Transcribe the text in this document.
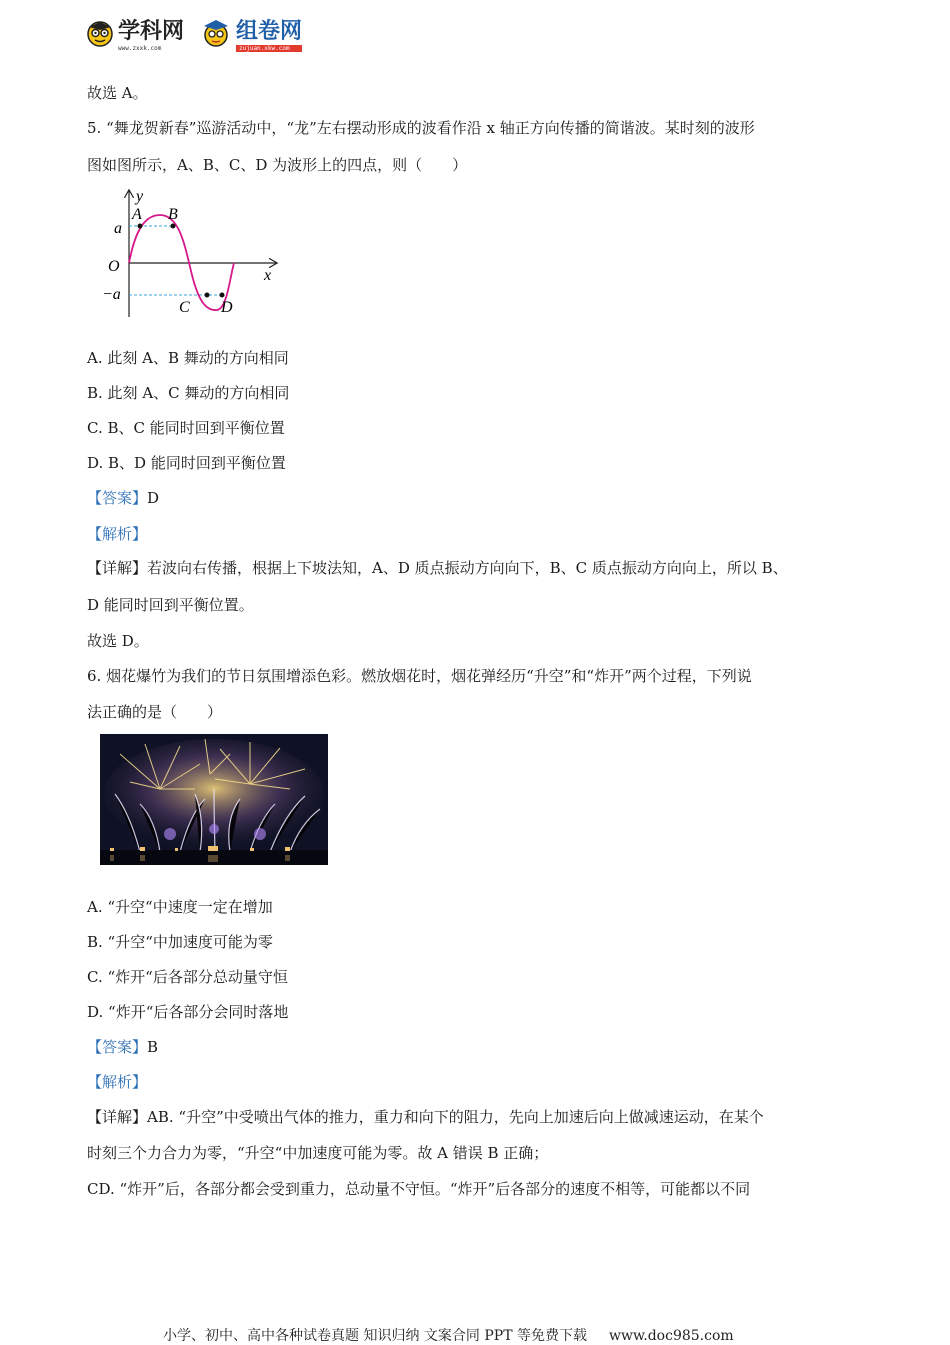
学科网
www.zxxk.com
组卷网
zujuan.xkw.com
故选 A。
5. “舞龙贺新春”巡游活动中，“龙”左右摆动形成的波看作沿 x 轴正方向传播的简谐波。某时刻的波形
图如图所示，A、B、C、D 为波形上的四点，则（　　）
y
x
O
a
−a
A B
C D
A. 此刻 A、B 舞动的方向相同
B. 此刻 A、C 舞动的方向相同
C. B、C 能同时回到平衡位置
D. B、D 能同时回到平衡位置
【答案】D
【解析】
【详解】若波向右传播，根据上下坡法知，A、D 质点振动方向向下，B、C 质点振动方向向上，所以 B、
D 能同时回到平衡位置。
故选 D。
6. 烟花爆竹为我们的节日氛围增添色彩。燃放烟花时，烟花弹经历“升空”和“炸开”两个过程，下列说
法正确的是（　　）
A. “升空“中速度一定在增加
B. “升空“中加速度可能为零
C. “炸开“后各部分总动量守恒
D. “炸开“后各部分会同时落地
【答案】B
【解析】
【详解】AB. “升空”中受喷出气体的推力，重力和向下的阻力，先向上加速后向上做减速运动，在某个
时刻三个力合力为零，“升空“中加速度可能为零。故 A 错误 B 正确；
CD. “炸开”后，各部分都会受到重力，总动量不守恒。“炸开”后各部分的速度不相等，可能都以不同
小学、初中、高中各种试卷真题 知识归纳 文案合同 PPT 等免费下载 www.doc985.com
